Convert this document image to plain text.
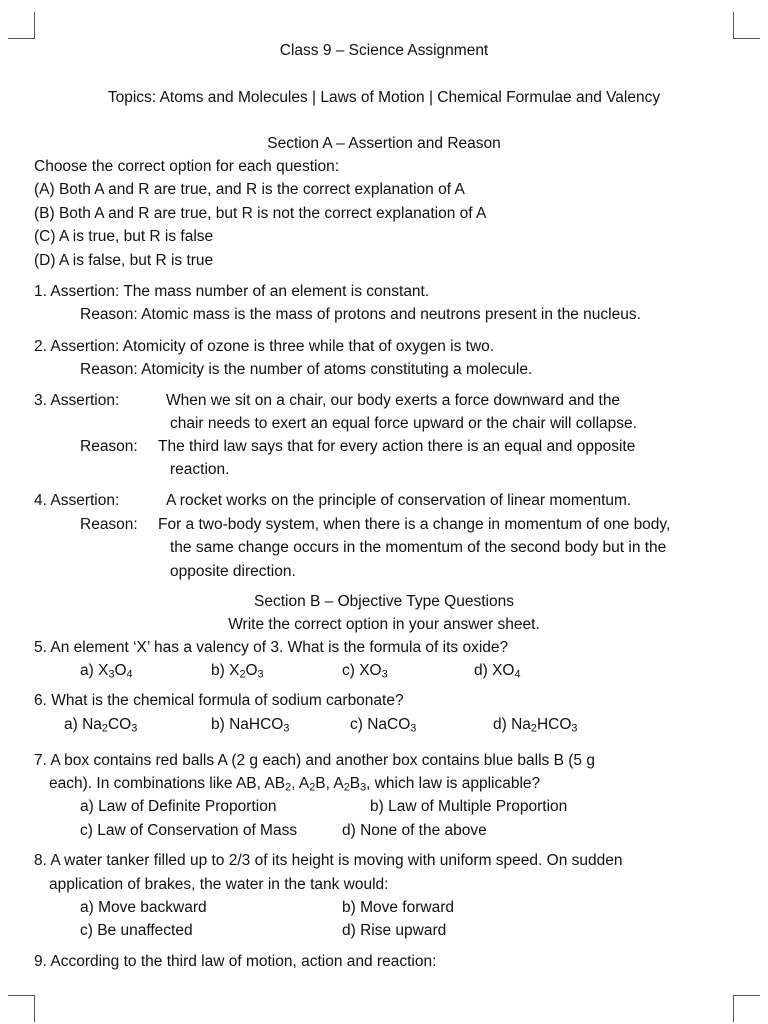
Class 9 – Science Assignment
Topics: Atoms and Molecules | Laws of Motion | Chemical Formulae and Valency
Section A – Assertion and Reason
Choose the correct option for each question:
(A) Both A and R are true, and R is the correct explanation of A
(B) Both A and R are true, but R is not the correct explanation of A
(C) A is true, but R is false
(D) A is false, but R is true
1. Assertion: The mass number of an element is constant.
Reason: Atomic mass is the mass of protons and neutrons present in the nucleus.
2. Assertion: Atomicity of ozone is three while that of oxygen is two.
Reason: Atomicity is the number of atoms constituting a molecule.
3. Assertion:	When we sit on a chair, our body exerts a force downward and the
chair needs to exert an equal force upward or the chair will collapse.
Reason: The third law says that for every action there is an equal and opposite
reaction.
4. Assertion:	A rocket works on the principle of conservation of linear momentum.
Reason: For a two-body system, when there is a change in momentum of one body,
the same change occurs in the momentum of the second body but in the
opposite direction.
Section B – Objective Type Questions
Write the correct option in your answer sheet.
5. An element ‘X’ has a valency of 3. What is the formula of its oxide?
a) $X_3O_4$	b) $X_2O_3$	c) $XO_3$	d) $XO_4$
6. What is the chemical formula of sodium carbonate?
a) $Na_2CO_3$	b) NaHCO$_3$	c) NaCO$_3$	d) $Na_2HCO_3$
7. A box contains red balls A (2 g each) and another box contains blue balls B (5 g
each). In combinations like AB, $AB_2$, $A_2B$, $A_2B_3$, which law is applicable?
a) Law of Definite Proportion	b) Law of Multiple Proportion
c) Law of Conservation of Mass	d) None of the above
8. A water tanker filled up to 2/3 of its height is moving with uniform speed. On sudden
application of brakes, the water in the tank would:
a) Move backward	b) Move forward
c) Be unaffected	d) Rise upward
9. According to the third law of motion, action and reaction:
